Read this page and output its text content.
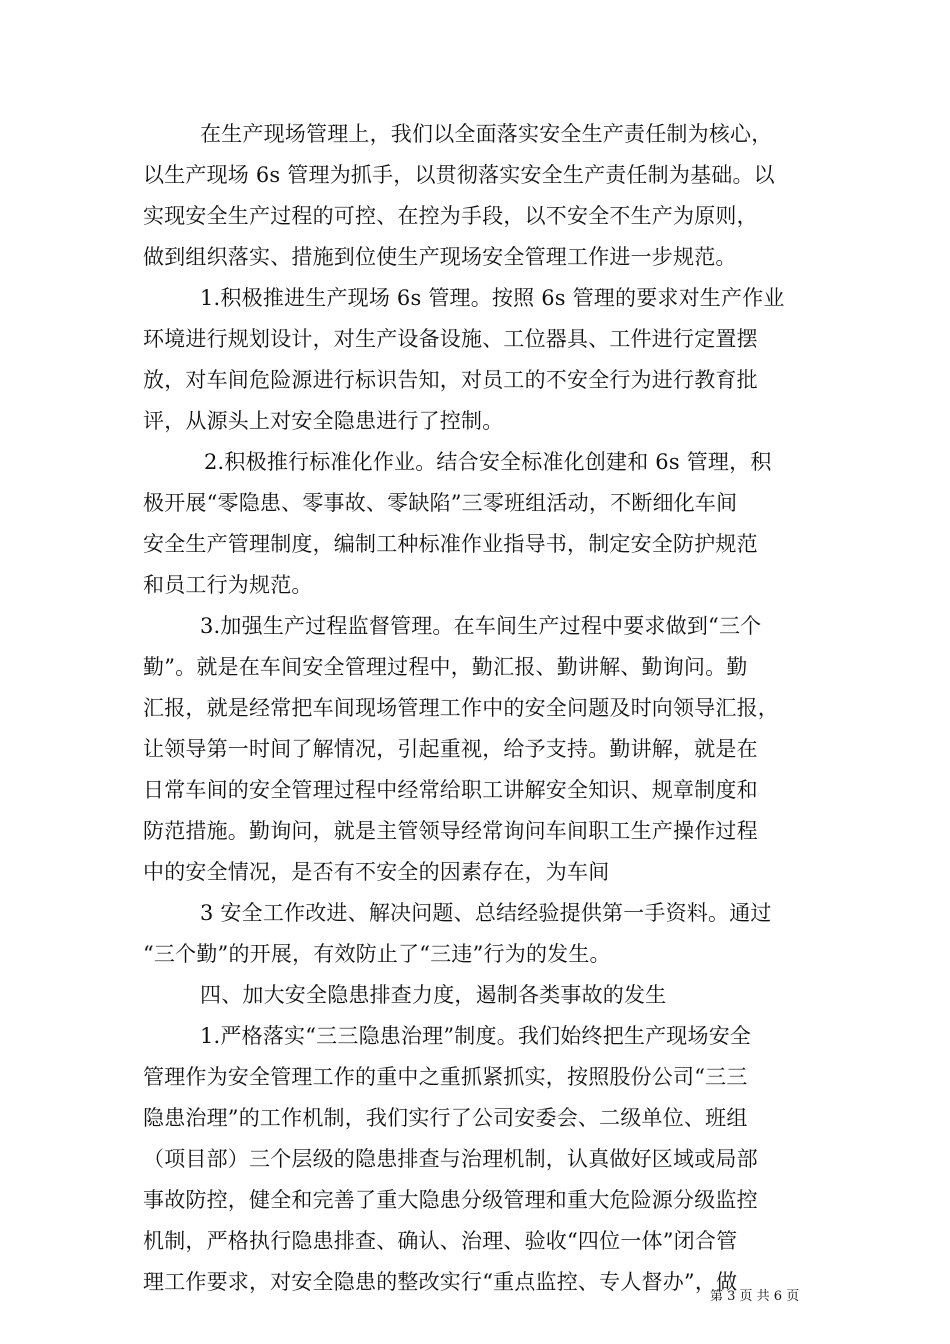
在生产现场管理上，我们以全面落实安全生产责任制为核心，
以生产现场 6s 管理为抓手，以贯彻落实安全生产责任制为基础。以
实现安全生产过程的可控、在控为手段，以不安全不生产为原则，
做到组织落实、措施到位使生产现场安全管理工作进一步规范。
1.积极推进生产现场 6s 管理。按照 6s 管理的要求对生产作业
环境进行规划设计，对生产设备设施、工位器具、工件进行定置摆
放，对车间危险源进行标识告知，对员工的不安全行为进行教育批
评，从源头上对安全隐患进行了控制。
2.积极推行标准化作业。结合安全标准化创建和 6s 管理，积
极开展“零隐患、零事故、零缺陷”三零班组活动，不断细化车间
安全生产管理制度，编制工种标准作业指导书，制定安全防护规范
和员工行为规范。
3.加强生产过程监督管理。在车间生产过程中要求做到“三个
勤”。就是在车间安全管理过程中，勤汇报、勤讲解、勤询问。勤
汇报，就是经常把车间现场管理工作中的安全问题及时向领导汇报，
让领导第一时间了解情况，引起重视，给予支持。勤讲解，就是在
日常车间的安全管理过程中经常给职工讲解安全知识、规章制度和
防范措施。勤询问，就是主管领导经常询问车间职工生产操作过程
中的安全情况，是否有不安全的因素存在，为车间
3 安全工作改进、解决问题、总结经验提供第一手资料。通过
“三个勤”的开展，有效防止了“三违”行为的发生。
四、加大安全隐患排查力度，遏制各类事故的发生
1.严格落实“三三隐患治理”制度。我们始终把生产现场安全
管理作为安全管理工作的重中之重抓紧抓实，按照股份公司“三三
隐患治理”的工作机制，我们实行了公司安委会、二级单位、班组
（项目部）三个层级的隐患排查与治理机制，认真做好区域或局部
事故防控，健全和完善了重大隐患分级管理和重大危险源分级监控
机制，严格执行隐患排查、确认、治理、验收“四位一体”闭合管
理工作要求，对安全隐患的整改实行“重点监控、专人督办”，做
第 3 页 共 6 页
